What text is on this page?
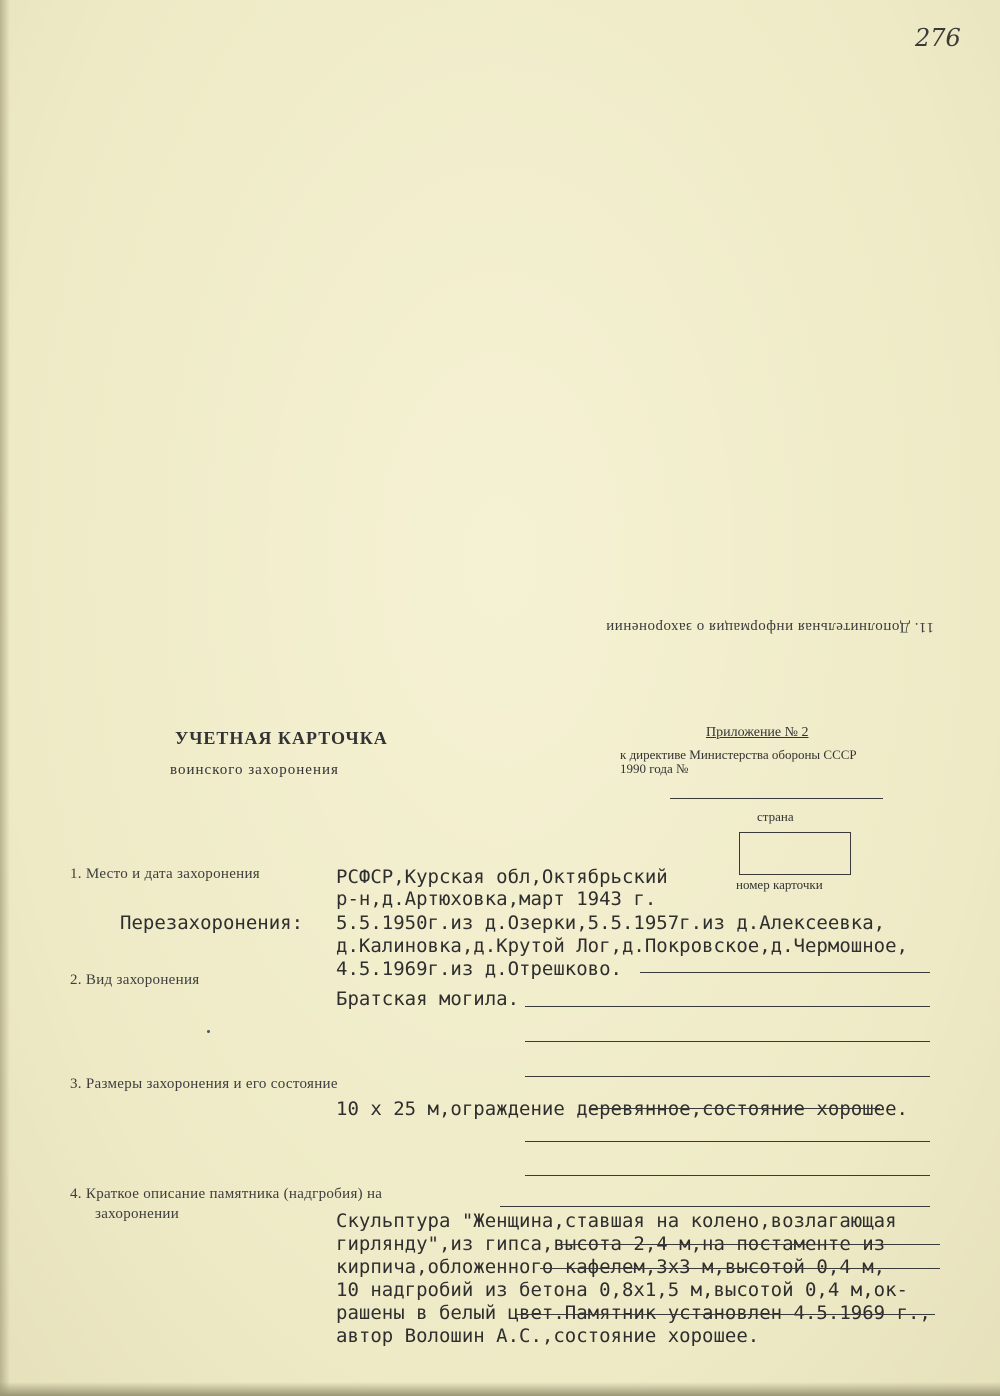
276
11. Дополнительная информация о захоронении
УЧЕТНАЯ КАРТОЧКА
воинского захоронения
Приложение № 2
к директиве Министерства обороны СССР
1990 года №
страна
номер карточки
1. Место и дата захоронения	РСФСР,Курская обл,Октябрьский
р-н,д.Артюховка,март 1943 г.
Перезахоронения: 5.5.1950г.из д.Озерки,5.5.1957г.из д.Алексеевка,
д.Калиновка,д.Крутой Лог,д.Покровское,д.Чермошное,
4.5.1969г.из д.Отрешково.
2. Вид захоронения
Братская могила.
3. Размеры захоронения и его состояние
10 х 25 м,ограждение деревянное,состояние хорошее.
4. Краткое описание памятника (надгробия) на
захоронении	Скульптура "Женщина,ставшая на колено,возлагающая
гирлянду",из гипса,высота 2,4 м,на постаменте из
кирпича,обложенного кафелем,3х3 м,высотой 0,4 м,
10 надгробий из бетона 0,8х1,5 м,высотой 0,4 м,ок-
рашены в белый цвет.Памятник установлен 4.5.1969 г.,
автор Волошин А.С.,состояние хорошее.
